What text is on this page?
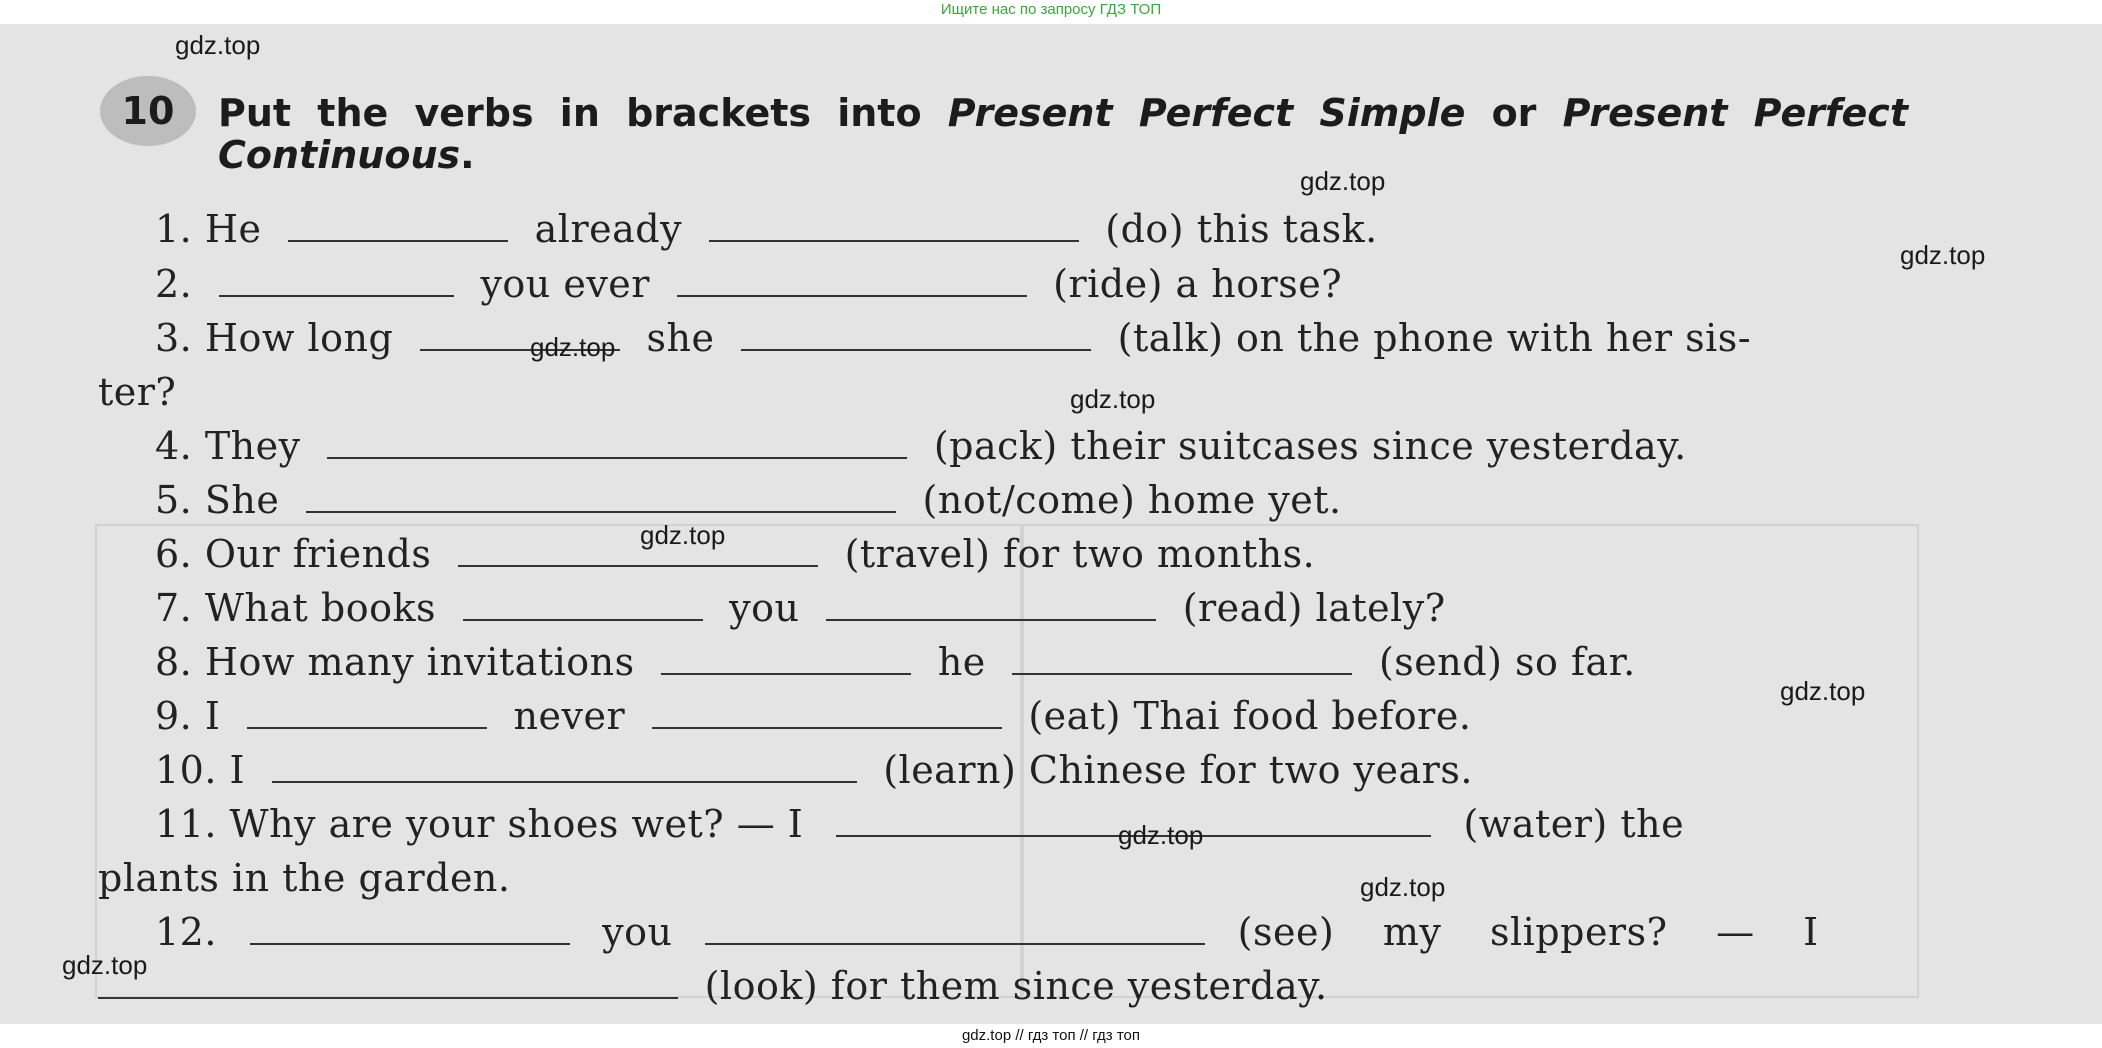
Ищите нас по запросу ГДЗ ТОП
10 Put the verbs in brackets into Present Perfect Simple or Present Perfect Continuous.
1. He	already	(do) this task.
2.	you ever	(ride) a horse?
3. How long	she	(talk) on the phone with her sis-
ter?
4. They	(pack) their suitcases since yesterday.
5. She	(not/come) home yet.
6. Our friends	(travel) for two months.
7. What books	you	(read) lately?
8. How many invitations	he	(send) so far.
9. I	never	(eat) Thai food before.
10. I	(learn) Chinese for two years.
11. Why are your shoes wet? — I	(water) the
plants in the garden.
12.	you	(see) my slippers? — I
(look) for them since yesterday.
gdz.top
gdz.top
gdz.top
gdz.top
gdz.top
gdz.top
gdz.top
gdz.top
gdz.top
gdz.top
gdz.top // гдз топ // гдз топ
